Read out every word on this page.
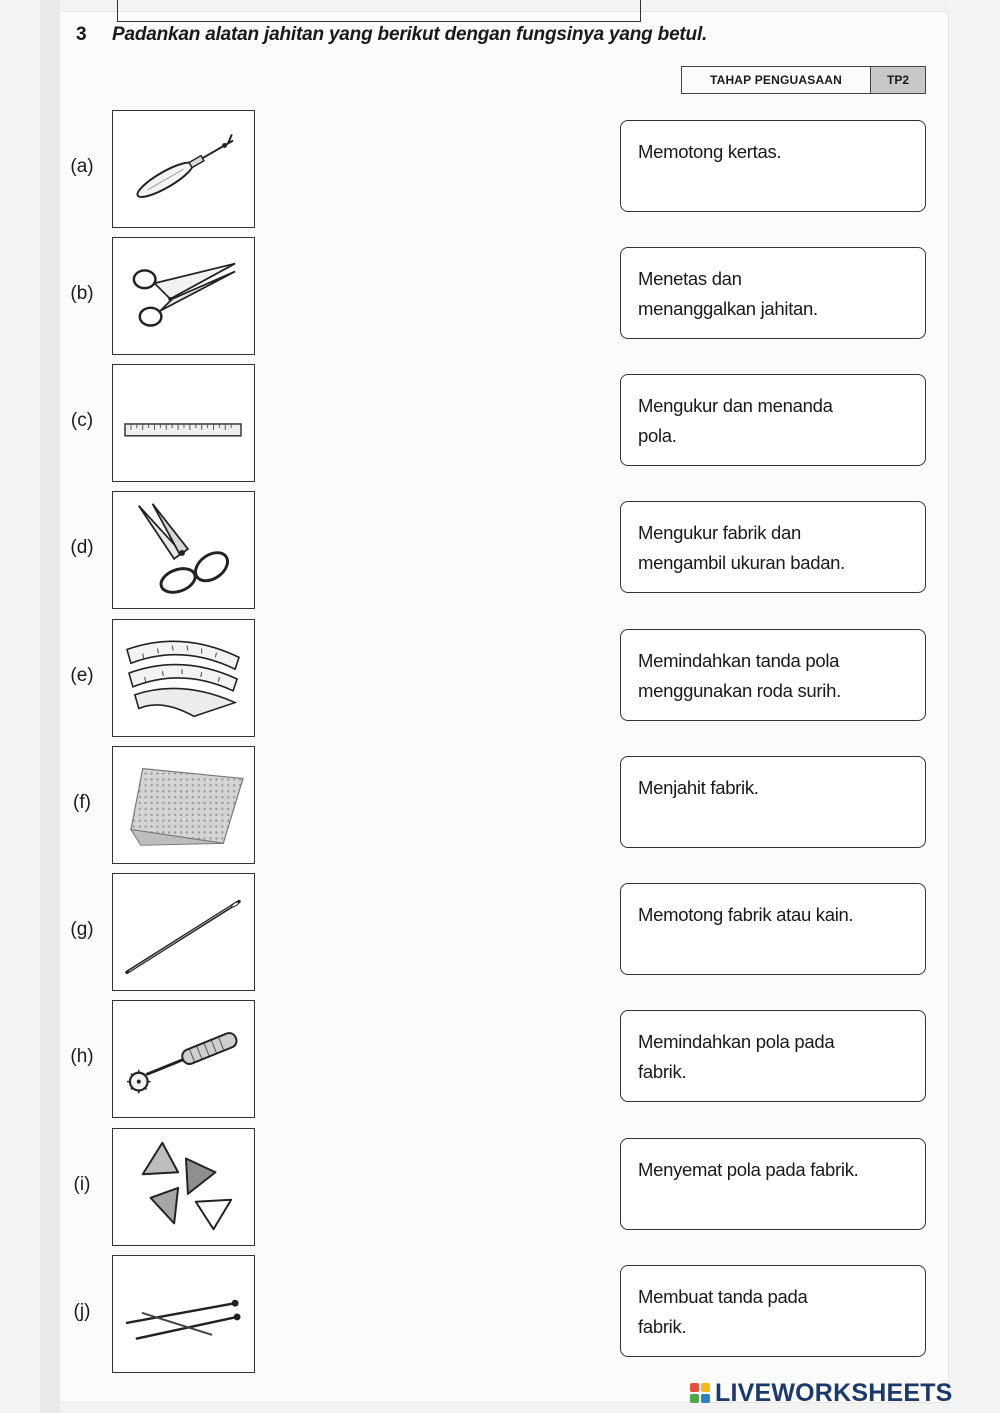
3 Padankan alatan jahitan yang berikut dengan fungsinya yang betul.
TAHAP PENGUASAAN	TP2
(a)
Memotong kertas.
(b)
Menetas dan
menanggalkan jahitan.
(c)
Mengukur dan menanda
pola.
(d)
Mengukur fabrik dan
mengambil ukuran badan.
(e)
Memindahkan tanda pola
menggunakan roda surih.
(f)
Menjahit fabrik.
(g)
Memotong fabrik atau kain.
(h)
Memindahkan pola pada
fabrik.
(i)
Menyemat pola pada fabrik.
(j)
Membuat tanda pada
fabrik.
LIVEWORKSHEETS
